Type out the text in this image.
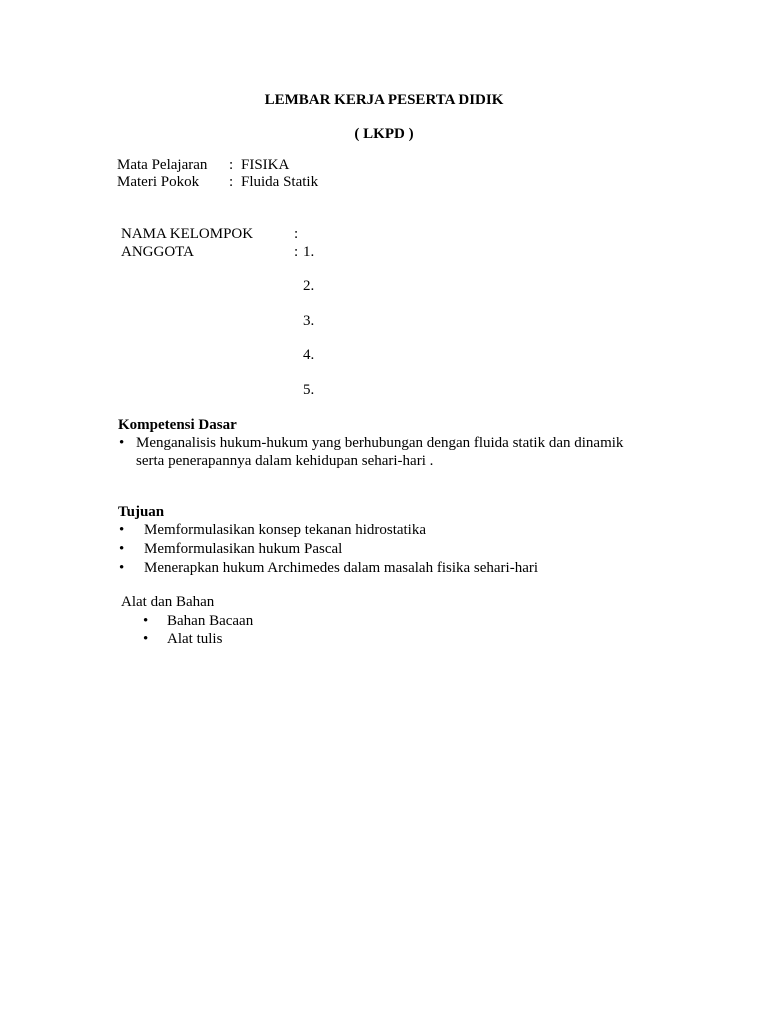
LEMBAR KERJA PESERTA DIDIK
( LKPD )
Mata Pelajaran : FISIKA
Materi Pokok : Fluida Statik
NAMA KELOMPOK	:
ANGGOTA	: 1.
2.
3.
4.
5.
Kompetensi Dasar
• Menganalisis hukum-hukum yang berhubungan dengan fluida statik dan dinamik
serta penerapannya dalam kehidupan sehari-hari .
Tujuan
• Memformulasikan konsep tekanan hidrostatika
• Memformulasikan hukum Pascal
• Menerapkan hukum Archimedes dalam masalah fisika sehari-hari
Alat dan Bahan
• Bahan Bacaan
• Alat tulis
